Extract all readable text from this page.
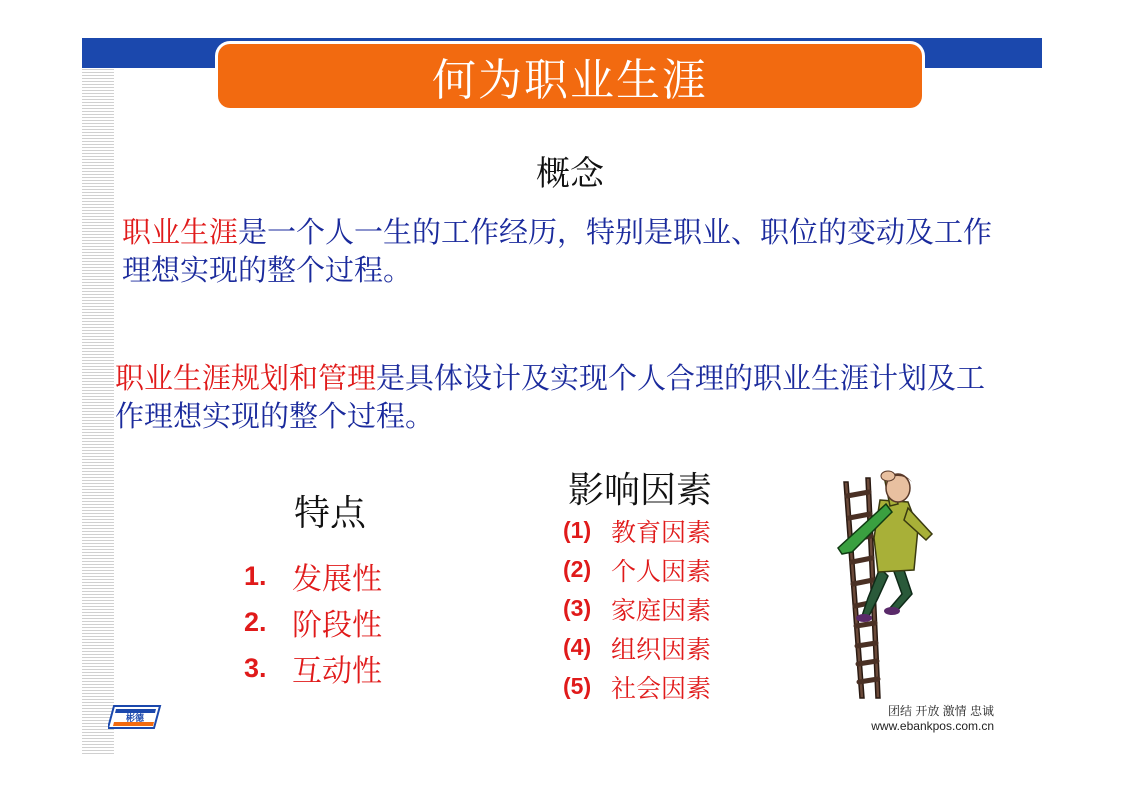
何为职业生涯
概念
职业生涯是一个人一生的工作经历，特别是职业、职位的变动及工作理想实现的整个过程。
职业生涯规划和管理是具体设计及实现个人合理的职业生涯计划及工作理想实现的整个过程。
特点
1. 发展性
2. 阶段性
3. 互动性
影响因素
(1) 教育因素
(2) 个人因素
(3) 家庭因素
(4) 组织因素
(5) 社会因素
彬德
团结 开放 激情 忠诚
www.ebankpos.com.cn
